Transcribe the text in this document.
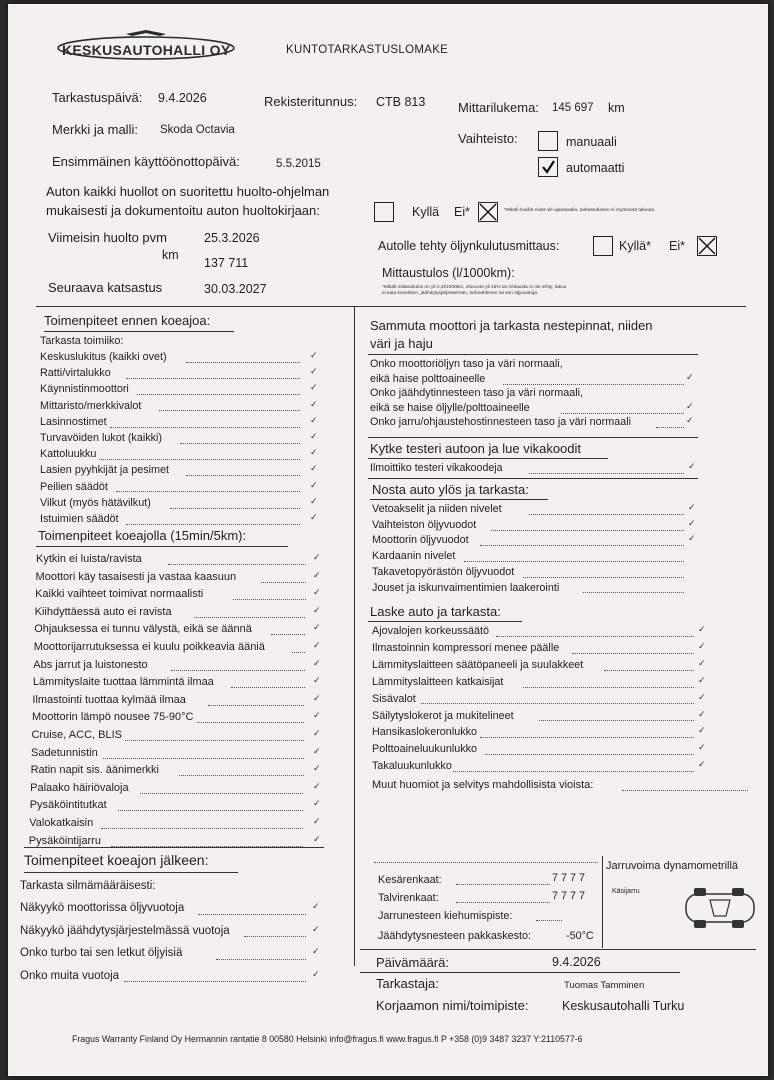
KESKUSAUTOHALLI OY	KUNTOTARKASTUSLOMAKE
Tarkastuspäivä: 9.4.2026	Rekisteritunnus: CTB 813	Mittarilukema: 145 697 km
Merkki ja malli: Skoda Octavia
Vaihteisto:	manuaali
automaatti
Ensimmäinen käyttöönottopäivä:	5.5.2015
Auton kaikki huollot on suoritettu huolto-ohjelman
mukaisesti ja dokumentoitu auton huoltokirjaan:	Kyllä Ei*	*Mikäli huollot eivät ole ajantasalla, tarkastukseen ei myönnetä takuuta
Viimeisin huolto pvm	25.3.2026
km
137 711
Autolle tehty öljynkulutusmittaus:	Kyllä* Ei*
Mittaustulos (l/1000km):
*Mikäli mittaustulos on yli 0,3l/1000km, ohivuoto yli 15% tai mittausta ei ole tehty, takuu
ei kata koneiston, jäähdytysjärjestelmän, turboahtimen tai sen öljyvuotoja
Seuraava katsastus	30.03.2027
Toimenpiteet ennen koeajoa:
Tarkasta toimiiko:
Toimenpiteet koeajolla (15min/5km):
Toimenpiteet koeajon jälkeen:
Tarkasta silmämääräisesti:
Sammuta moottori ja tarkasta nestepinnat, niiden
väri ja haju
Kytke testeri autoon ja lue vikakoodit
Nosta auto ylös ja tarkasta:
Laske auto ja tarkasta:
Muut huomiot ja selvitys mahdollisista vioista:
Kesärenkaat:	7 7 7 7
Talvirenkaat:	7 7 7 7
Jarrunesteen kiehumispiste:
Jäähdytysnesteen pakkaskesto:	-50°C
Jarruvoima dynamometrillä
Käsijarru
Päivämäärä:	9.4.2026
Tarkastaja:	Tuomas Tamminen
Korjaamon nimi/toimipiste:	Keskusautohalli Turku
Fragus Warranty Finland Oy Hermannin rantatie 8 00580 Helsinki info@fragus.fi www.fragus.fi P +358 (0)9 3487 3237 Y:2110577-6
Keskuslukitus (kaikki ovet)	✓
Ratti/virtalukko	✓
Käynnistinmoottori	✓
Mittaristo/merkkivalot	✓
Lasinnostimet	✓
Turvavöiden lukot (kaikki)	✓
Kattoluukku	✓
Lasien pyyhkijät ja pesimet	✓
Peilien säädöt	✓
Vilkut (myös hätävilkut)	✓
Istuimien säädöt	✓
Kytkin ei luista/ravista	✓
Moottori käy tasaisesti ja vastaa kaasuun	✓
Kaikki vaihteet toimivat normaalisti	✓
Kiihdyttäessä auto ei ravista	✓
Ohjauksessa ei tunnu välystä, eikä se äännä	✓
Moottorijarrutuksessa ei kuulu poikkeavia ääniä	✓
Abs jarrut ja luistonesto	✓
Lämmityslaite tuottaa lämmintä ilmaa	✓
Ilmastointi tuottaa kylmää ilmaa	✓
Moottorin lämpö nousee 75-90°C	✓
Cruise, ACC, BLIS	✓
Sadetunnistin	✓
Ratin napit sis. äänimerkki	✓
Palaako häiriövaloja	✓
Pysäköintitutkat	✓
Valokatkaisin	✓
Pysäköintijarru	✓
Näkyykö moottorissa öljyvuotoja	✓
Näkyykö jäähdytysjärjestelmässä vuotoja	✓
Onko turbo tai sen letkut öljyisiä	✓
Onko muita vuotoja	✓
Onko moottoriöljyn taso ja väri normaali,
eikä haise polttoaineelle	✓
Onko jäähdytinnesteen taso ja väri normaali,
eikä se haise öljylle/polttoaineelle	✓
Onko jarru/ohjaustehostinnesteen taso ja väri normaali	✓
Ilmoittiko testeri vikakoodeja	✓
Vetoakselit ja niiden nivelet	✓
Vaihteiston öljyvuodot	✓
Moottorin öljyvuodot	✓
Kardaanin nivelet
Takavetopyörästön öljyvuodot
Jouset ja iskunvaimentimien laakerointi
Ajovalojen korkeussäätö	✓
Ilmastoinnin kompressori menee päälle	✓
Lämmityslaitteen säätöpaneeli ja suulakkeet	✓
Lämmityslaitteen katkaisijat	✓
Sisävalot	✓
Säilytyslokerot ja mukitelineet	✓
Hansikaslokeronlukko	✓
Polttoaineluukunlukko	✓
Takaluukunlukko	✓
